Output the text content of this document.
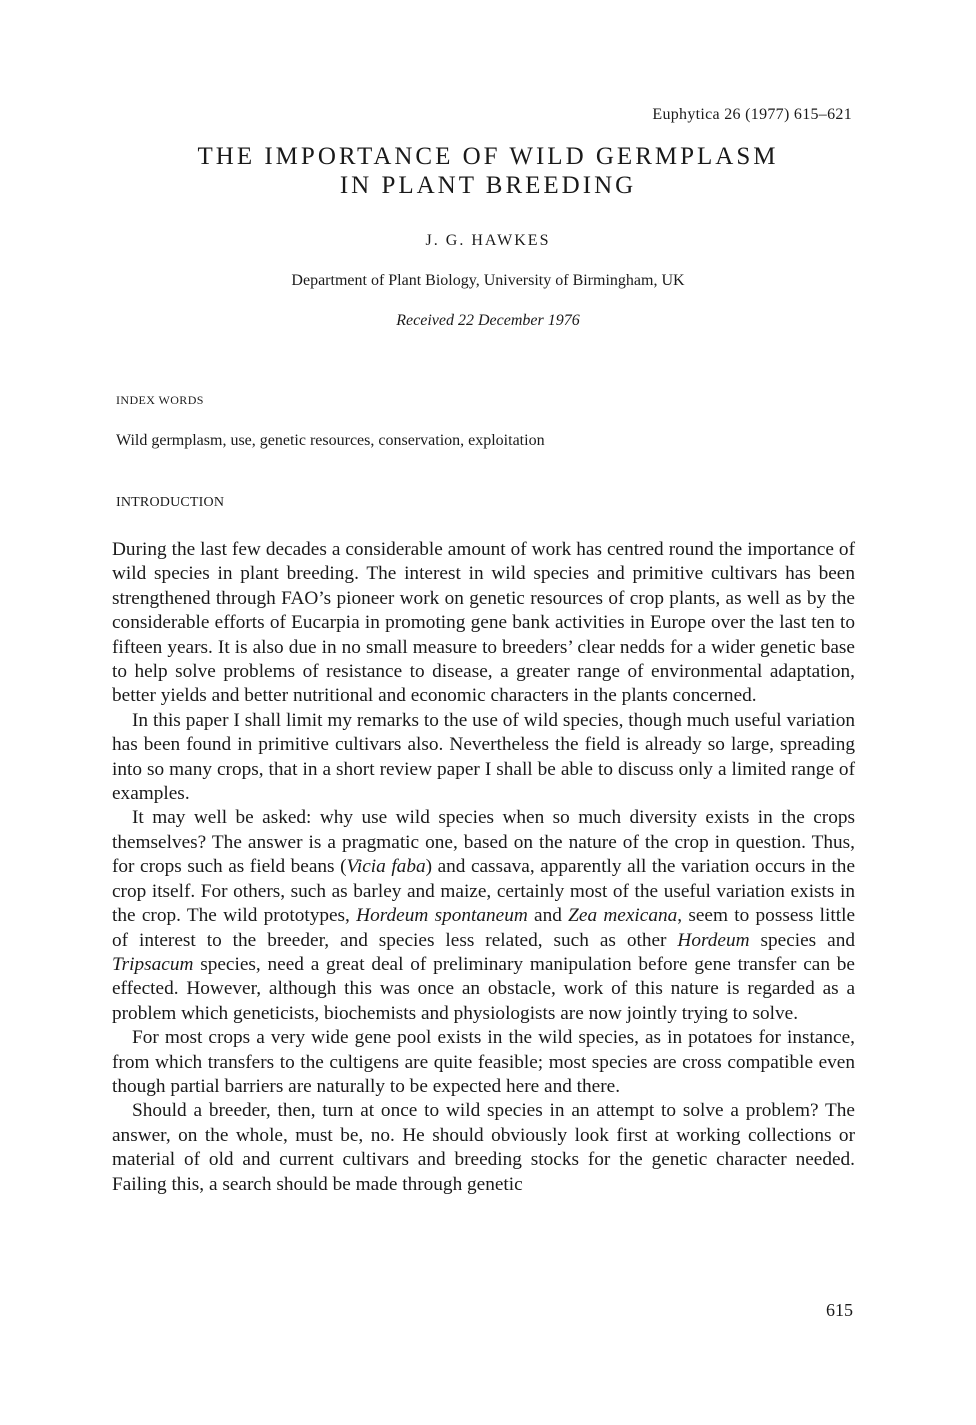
Euphytica 26 (1977) 615–621
THE IMPORTANCE OF WILD GERMPLASM
IN PLANT BREEDING
J. G. HAWKES
Department of Plant Biology, University of Birmingham, UK
Received 22 December 1976
INDEX WORDS
Wild germplasm, use, genetic resources, conservation, exploitation
INTRODUCTION

During the last few decades a considerable amount of work has centred round the importance of wild species in plant breeding. The interest in wild species and primitive cultivars has been strengthened through FAO’s pioneer work on genetic resources of crop plants, as well as by the considerable efforts of Eucarpia in promoting gene bank activities in Europe over the last ten to fifteen years. It is also due in no small measure to breeders’ clear nedds for a wider genetic base to help solve problems of resistance to disease, a greater range of environmental adaptation, better yields and better nutritional and economic characters in the plants concerned.

In this paper I shall limit my remarks to the use of wild species, though much useful variation has been found in primitive cultivars also. Nevertheless the field is already so large, spreading into so many crops, that in a short review paper I shall be able to discuss only a limited range of examples.

It may well be asked: why use wild species when so much diversity exists in the crops themselves? The answer is a pragmatic one, based on the nature of the crop in question. Thus, for crops such as field beans (Vicia faba) and cassava, apparently all the variation occurs in the crop itself. For others, such as barley and maize, certainly most of the useful variation exists in the crop. The wild prototypes, Hordeum spontaneum and Zea mexicana, seem to possess little of interest to the breeder, and species less related, such as other Hordeum species and Tripsacum species, need a great deal of preliminary manipulation before gene transfer can be effected. However, although this was once an obstacle, work of this nature is regarded as a problem which geneticists, biochemists and physiologists are now jointly trying to solve.

For most crops a very wide gene pool exists in the wild species, as in potatoes for instance, from which transfers to the cultigens are quite feasible; most species are cross compatible even though partial barriers are naturally to be expected here and there.

Should a breeder, then, turn at once to wild species in an attempt to solve a problem? The answer, on the whole, must be, no. He should obviously look first at working collections or material of old and current cultivars and breeding stocks for the genetic character needed. Failing this, a search should be made through genetic

615
